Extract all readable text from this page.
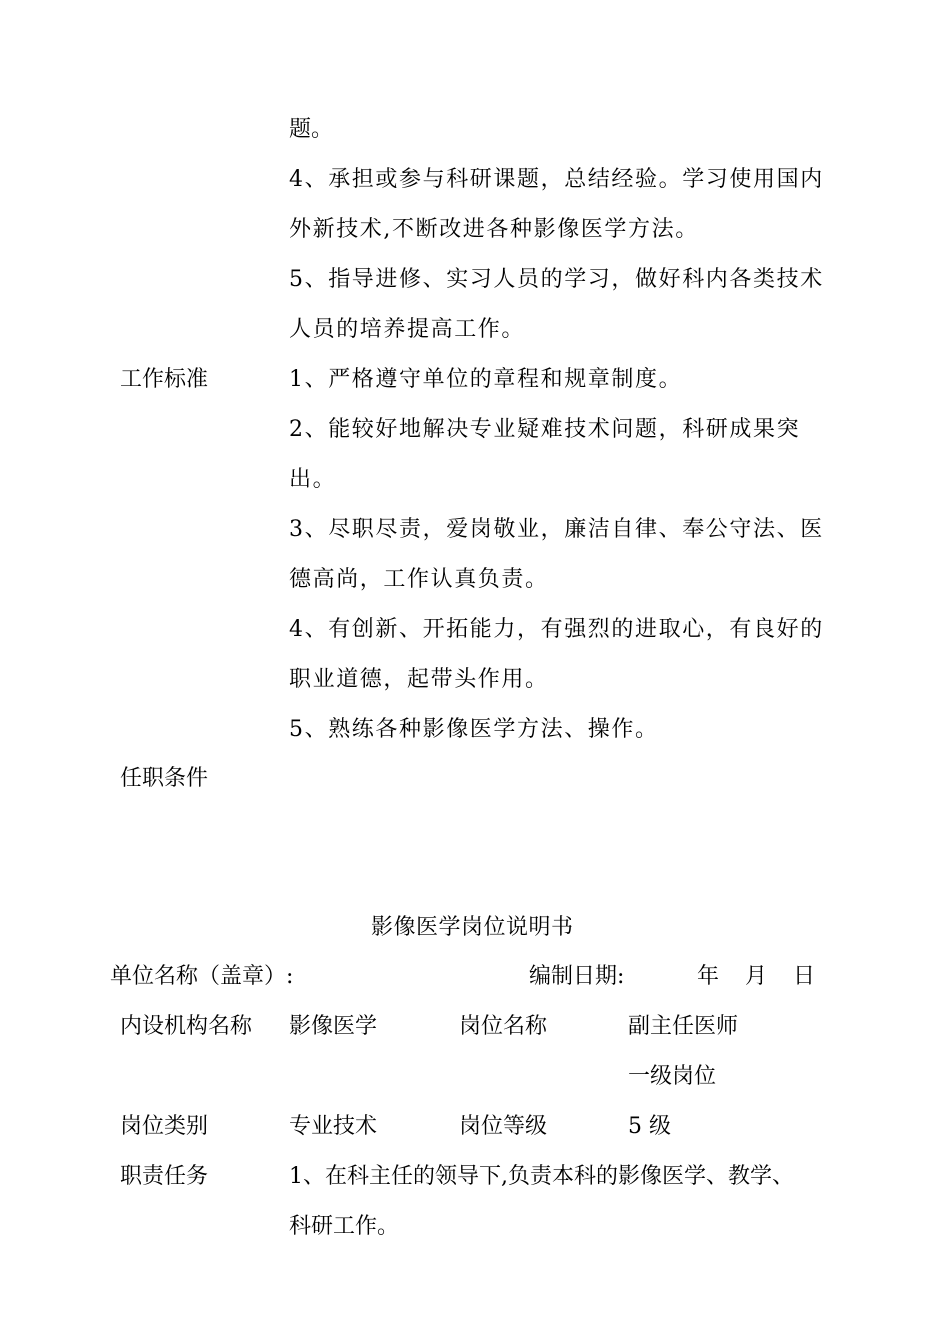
题。
4、承担或参与科研课题，总结经验。学习使用国内
外新技术,不断改进各种影像医学方法。
5、指导进修、实习人员的学习，做好科内各类技术
人员的培养提高工作。
工作标准	1、严格遵守单位的章程和规章制度。
2、能较好地解决专业疑难技术问题，科研成果突
出。
3、尽职尽责，爱岗敬业，廉洁自律、奉公守法、医
德高尚，工作认真负责。
4、有创新、开拓能力，有强烈的进取心，有良好的
职业道德，起带头作用。
5、熟练各种影像医学方法、操作。
任职条件
影像医学岗位说明书
单位名称（盖章）:	编制日期:	年 月 日
内设机构名称 影像医学	岗位名称	副主任医师
一级岗位
岗位类别	专业技术	岗位等级	5 级
职责任务	1、在科主任的领导下,负责本科的影像医学、教学、
科研工作。
